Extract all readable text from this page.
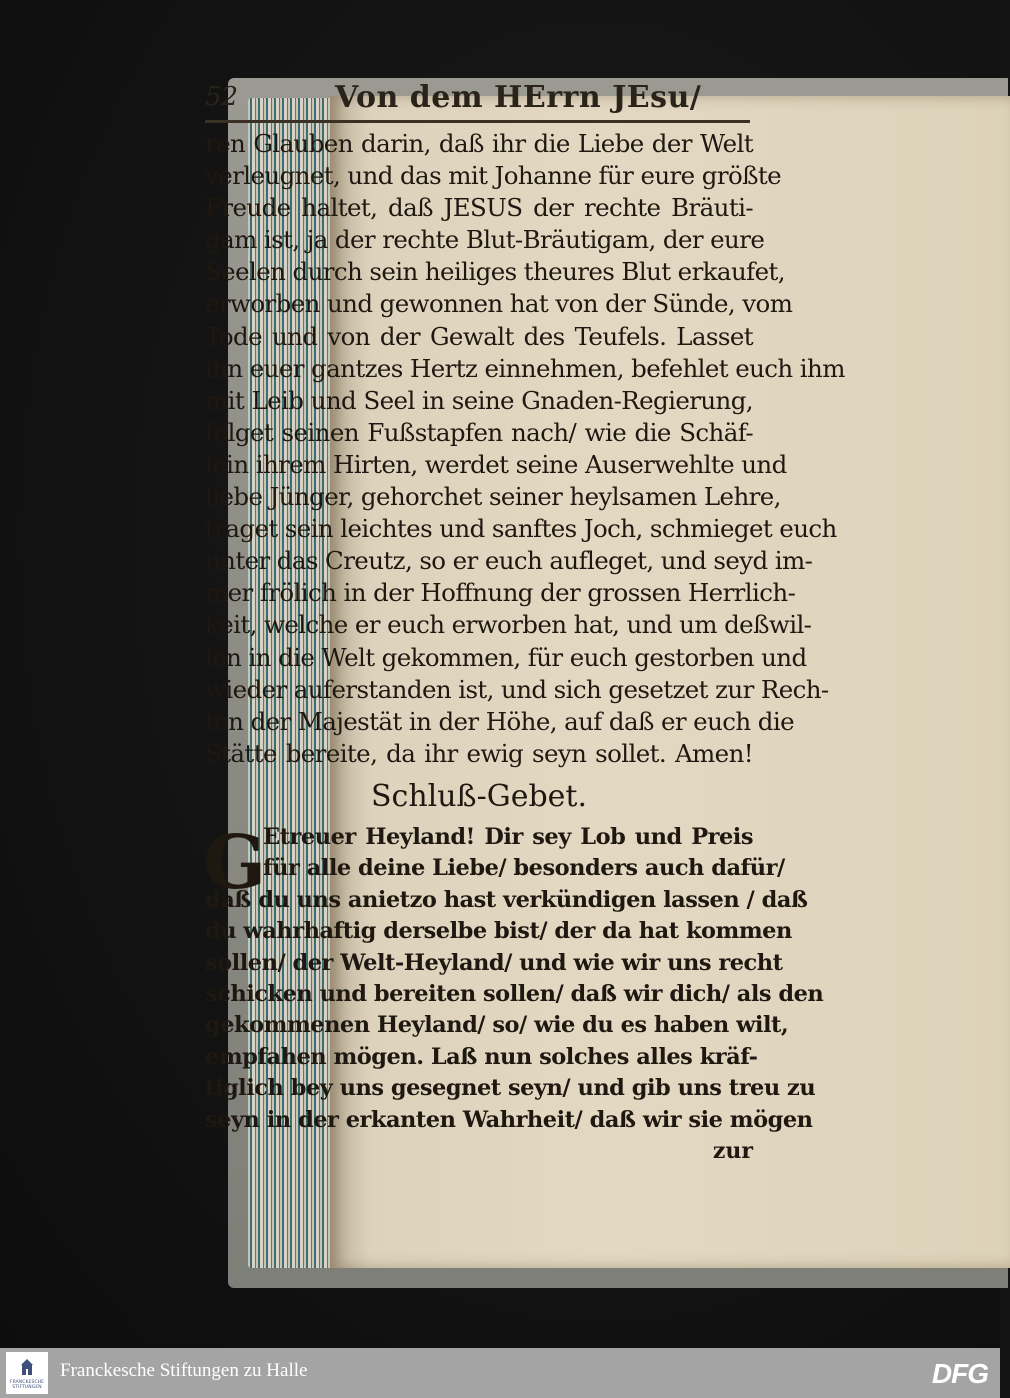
52	Von dem HErrn JEsu/
ren Glauben darin, daß ihr die Liebe der Welt
verleugnet, und das mit Johanne für eure größte
Freude haltet, daß JESUS der rechte Bräuti-
gam ist, ja der rechte Blut-Bräutigam, der eure
Seelen durch sein heiliges theures Blut erkaufet,
erworben und gewonnen hat von der Sünde, vom
Tode und von der Gewalt des Teufels. Lasset
ihn euer gantzes Hertz einnehmen, befehlet euch ihm
mit Leib und Seel in seine Gnaden-Regierung,
folget seinen Fußstapfen nach/ wie die Schäf-
lein ihrem Hirten, werdet seine Auserwehlte und
liebe Jünger, gehorchet seiner heylsamen Lehre,
traget sein leichtes und sanftes Joch, schmieget euch
unter das Creutz, so er euch aufleget, und seyd im-
mer frölich in der Hoffnung der grossen Herrlich-
keit, welche er euch erworben hat, und um deßwil-
len in die Welt gekommen, für euch gestorben und
wieder auferstanden ist, und sich gesetzet zur Rech-
ten der Majestät in der Höhe, auf daß er euch die
Stätte bereite, da ihr ewig seyn sollet. Amen!
Schluß-Gebet.
G
Etreuer Heyland! Dir sey Lob und Preis
für alle deine Liebe/ besonders auch dafür/
daß du uns anietzo hast verkündigen lassen / daß
du wahrhaftig derselbe bist/ der da hat kommen
sollen/ der Welt-Heyland/ und wie wir uns recht
schicken und bereiten sollen/ daß wir dich/ als den
gekommenen Heyland/ so/ wie du es haben wilt,
empfahen mögen. Laß nun solches alles kräf-
tiglich bey uns gesegnet seyn/ und gib uns treu zu
seyn in der erkanten Wahrheit/ daß wir sie mögen
zur
FRANCKESCHE
STIFTUNGEN
Franckesche Stiftungen zu Halle	DFG
